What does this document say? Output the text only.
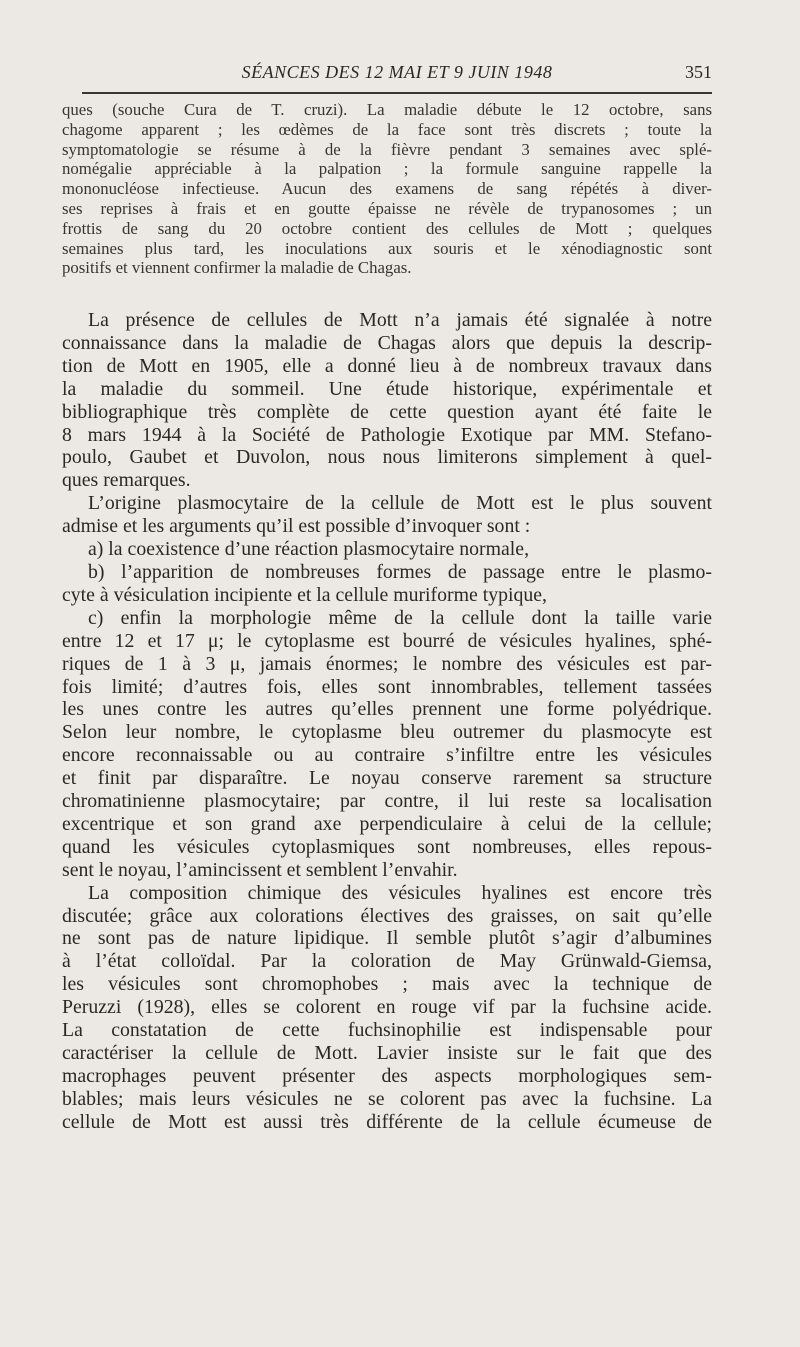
SÉANCES DES 12 MAI ET 9 JUIN 1948	351
ques (souche Cura de T. cruzi). La maladie débute le 12 octobre, sans
chagome apparent ; les œdèmes de la face sont très discrets ; toute la
symptomatologie se résume à de la fièvre pendant 3 semaines avec splé-
nomégalie appréciable à la palpation ; la formule sanguine rappelle la
mononucléose infectieuse. Aucun des examens de sang répétés à diver-
ses reprises à frais et en goutte épaisse ne révèle de trypanosomes ; un
frottis de sang du 20 octobre contient des cellules de Mott ; quelques
semaines plus tard, les inoculations aux souris et le xénodiagnostic sont
positifs et viennent confirmer la maladie de Chagas.
La présence de cellules de Mott n’a jamais été signalée à notre
connaissance dans la maladie de Chagas alors que depuis la descrip-
tion de Mott en 1905, elle a donné lieu à de nombreux travaux dans
la maladie du sommeil. Une étude historique, expérimentale et
bibliographique très complète de cette question ayant été faite le
8 mars 1944 à la Société de Pathologie Exotique par MM. Stefano-
poulo, Gaubet et Duvolon, nous nous limiterons simplement à quel-
ques remarques.
L’origine plasmocytaire de la cellule de Mott est le plus souvent
admise et les arguments qu’il est possible d’invoquer sont :
a) la coexistence d’une réaction plasmocytaire normale,
b) l’apparition de nombreuses formes de passage entre le plasmo-
cyte à vésiculation incipiente et la cellule muriforme typique,
c) enfin la morphologie même de la cellule dont la taille varie
entre 12 et 17 μ; le cytoplasme est bourré de vésicules hyalines, sphé-
riques de 1 à 3 μ, jamais énormes; le nombre des vésicules est par-
fois limité; d’autres fois, elles sont innombrables, tellement tassées
les unes contre les autres qu’elles prennent une forme polyédrique.
Selon leur nombre, le cytoplasme bleu outremer du plasmocyte est
encore reconnaissable ou au contraire s’infiltre entre les vésicules
et finit par disparaître. Le noyau conserve rarement sa structure
chromatinienne plasmocytaire; par contre, il lui reste sa localisation
excentrique et son grand axe perpendiculaire à celui de la cellule;
quand les vésicules cytoplasmiques sont nombreuses, elles repous-
sent le noyau, l’amincissent et semblent l’envahir.
La composition chimique des vésicules hyalines est encore très
discutée; grâce aux colorations électives des graisses, on sait qu’elle
ne sont pas de nature lipidique. Il semble plutôt s’agir d’albumines
à l’état colloïdal. Par la coloration de May Grünwald-Giemsa,
les vésicules sont chromophobes ; mais avec la technique de
Peruzzi (1928), elles se colorent en rouge vif par la fuchsine acide.
La constatation de cette fuchsinophilie est indispensable pour
caractériser la cellule de Mott. Lavier insiste sur le fait que des
macrophages peuvent présenter des aspects morphologiques sem-
blables; mais leurs vésicules ne se colorent pas avec la fuchsine. La
cellule de Mott est aussi très différente de la cellule écumeuse de
